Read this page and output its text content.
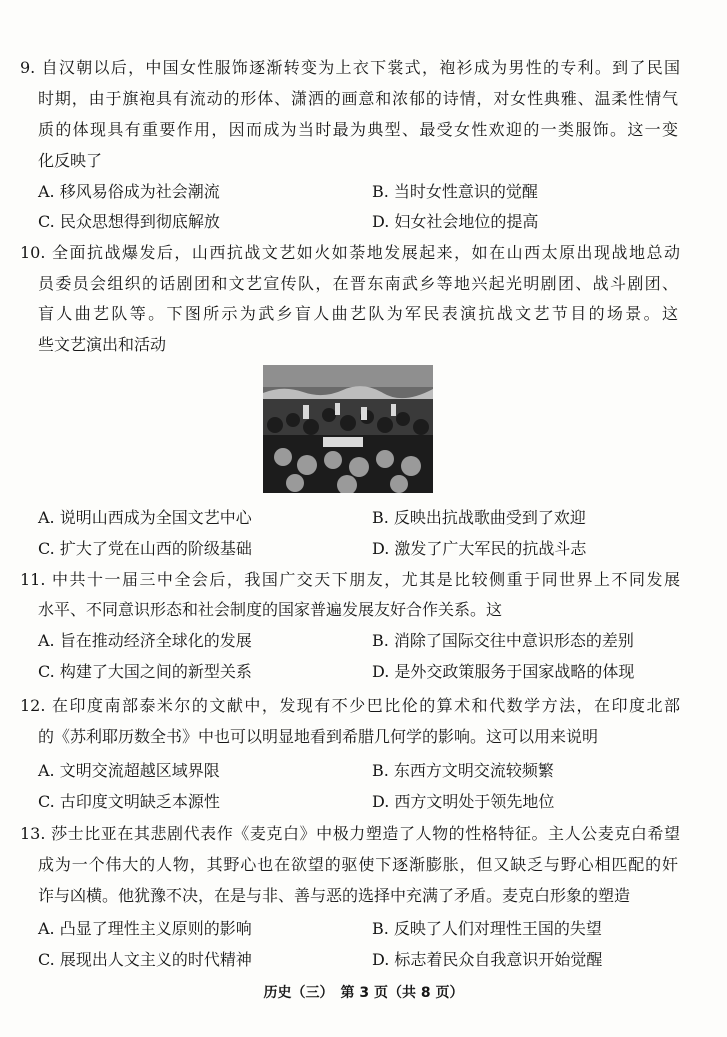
9. 自汉朝以后，中国女性服饰逐渐转变为上衣下裳式，袍衫成为男性的专利。到了民国
时期，由于旗袍具有流动的形体、潇洒的画意和浓郁的诗情，对女性典雅、温柔性情气
质的体现具有重要作用，因而成为当时最为典型、最受女性欢迎的一类服饰。这一变
化反映了
A. 移风易俗成为社会潮流	B. 当时女性意识的觉醒
C. 民众思想得到彻底解放	D. 妇女社会地位的提高
10. 全面抗战爆发后，山西抗战文艺如火如荼地发展起来，如在山西太原出现战地总动
员委员会组织的话剧团和文艺宣传队，在晋东南武乡等地兴起光明剧团、战斗剧团、
盲人曲艺队等。下图所示为武乡盲人曲艺队为军民表演抗战文艺节目的场景。这
些文艺演出和活动
A. 说明山西成为全国文艺中心	B. 反映出抗战歌曲受到了欢迎
C. 扩大了党在山西的阶级基础	D. 激发了广大军民的抗战斗志
11. 中共十一届三中全会后，我国广交天下朋友，尤其是比较侧重于同世界上不同发展
水平、不同意识形态和社会制度的国家普遍发展友好合作关系。这
A. 旨在推动经济全球化的发展	B. 消除了国际交往中意识形态的差别
C. 构建了大国之间的新型关系	D. 是外交政策服务于国家战略的体现
12. 在印度南部泰米尔的文献中，发现有不少巴比伦的算术和代数学方法，在印度北部
的《苏利耶历数全书》中也可以明显地看到希腊几何学的影响。这可以用来说明
A. 文明交流超越区域界限	B. 东西方文明交流较频繁
C. 古印度文明缺乏本源性	D. 西方文明处于领先地位
13. 莎士比亚在其悲剧代表作《麦克白》中极力塑造了人物的性格特征。主人公麦克白希望
成为一个伟大的人物，其野心也在欲望的驱使下逐渐膨胀，但又缺乏与野心相匹配的奸
诈与凶横。他犹豫不决，在是与非、善与恶的选择中充满了矛盾。麦克白形象的塑造
A. 凸显了理性主义原则的影响	B. 反映了人们对理性王国的失望
C. 展现出人文主义的时代精神	D. 标志着民众自我意识开始觉醒
历史（三）　第 3 页（共 8 页）
